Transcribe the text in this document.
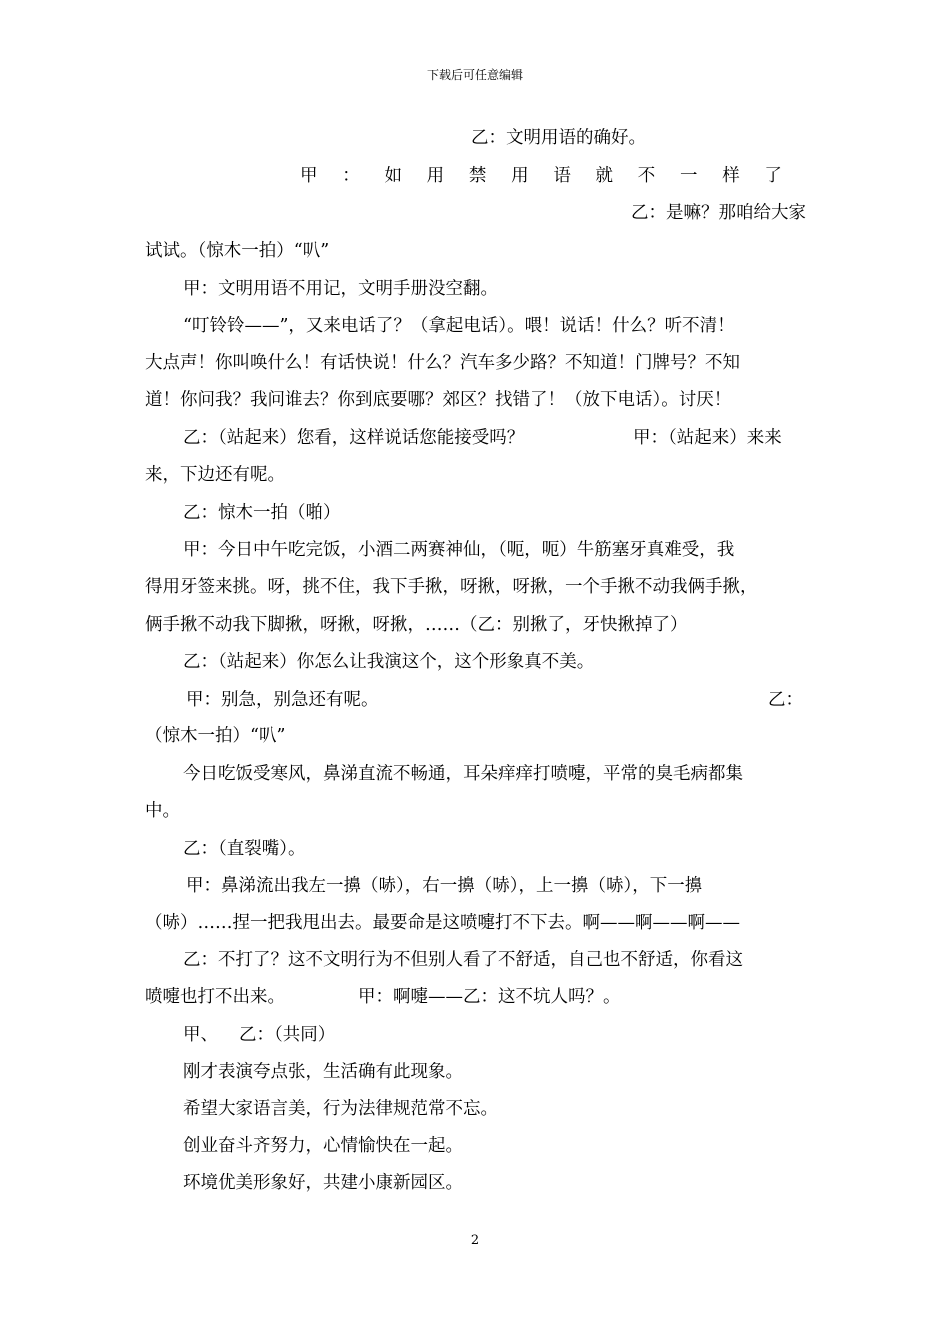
下载后可任意编辑
乙：文明用语的确好。
甲 ： 如 用 禁 用 语 就 不 一 样 了
乙：是嘛？那咱给大家
试试。（惊木一拍）“叭”
甲：文明用语不用记，文明手册没空翻。
“叮铃铃——”，又来电话了？（拿起电话）。喂！说话！什么？听不清！
大点声！你叫唤什么！有话快说！什么？汽车多少路？不知道！门牌号？不知
道！你问我？我问谁去？你到底要哪？郊区？找错了！（放下电话）。讨厌！
乙：（站起来）您看，这样说话您能接受吗？	甲：（站起来）来来
来，下边还有呢。
乙：惊木一拍（啪）
甲：今日中午吃完饭，小酒二两赛神仙，（呃，呃）牛筋塞牙真难受，我
得用牙签来挑。呀，挑不住，我下手揪，呀揪，呀揪，一个手揪不动我俩手揪，
俩手揪不动我下脚揪，呀揪，呀揪，……（乙：别揪了，牙快揪掉了）
乙：（站起来）你怎么让我演这个，这个形象真不美。
甲：别急，别急还有呢。	乙：
（惊木一拍）“叭”
今日吃饭受寒风，鼻涕直流不畅通，耳朵痒痒打喷嚏，平常的臭毛病都集
中。
乙：（直裂嘴）。
甲：鼻涕流出我左一擤（哧），右一擤（哧），上一擤（哧），下一擤
（哧）……捏一把我甩出去。最要命是这喷嚏打不下去。啊——啊——啊——
乙：不打了？这不文明行为不但别人看了不舒适，自己也不舒适，你看这
喷嚏也打不出来。	甲：啊嚏——乙：这不坑人吗？。
甲、 乙：（共同）
刚才表演夸点张，生活确有此现象。
希望大家语言美，行为法律规范常不忘。
创业奋斗齐努力，心情愉快在一起。
环境优美形象好，共建小康新园区。
2
